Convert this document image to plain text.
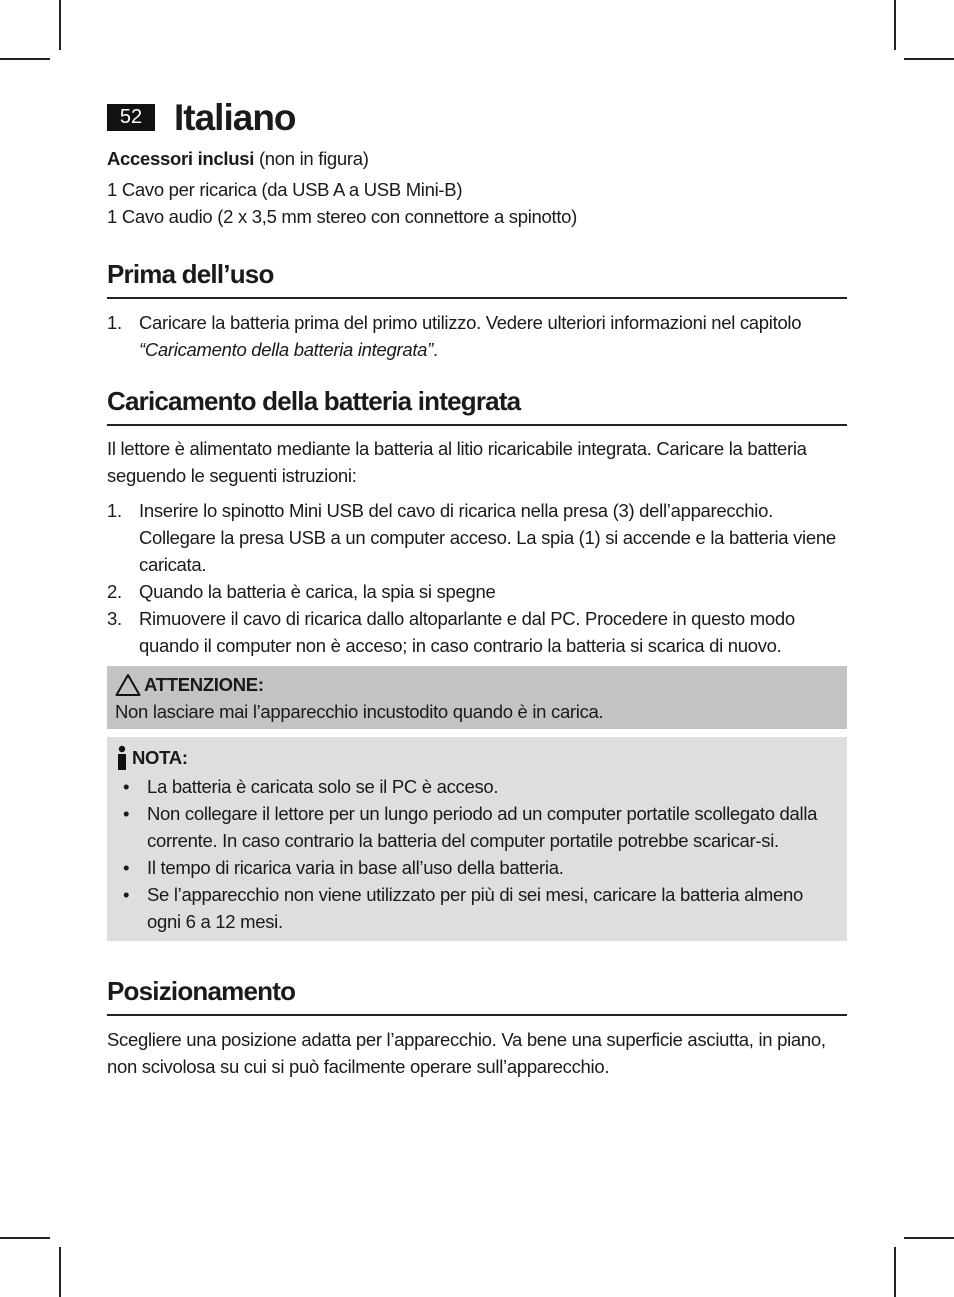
52 Italiano

Accessori inclusi (non in figura)

1 Cavo per ricarica (da USB A a USB Mini-B)

1 Cavo audio (2 x 3,5 mm stereo con connettore a spinotto)

Prima dell’uso
1. Caricare la batteria prima del primo utilizzo. Vedere ulteriori informazioni nel capitolo “Caricamento della batteria integrata”.
Caricamento della batteria integrata

Il lettore è alimentato mediante la batteria al litio ricaricabile integrata. Caricare la batteria seguendo le seguenti istruzioni:

1. Inserire lo spinotto Mini USB del cavo di ricarica nella presa (3) dell’apparecchio. Collegare la presa USB a un computer acceso. La spia (1) si accende e la batteria viene caricata.
2. Quando la batteria è carica, la spia si spegne
3. Rimuovere il cavo di ricarica dallo altoparlante e dal PC. Procedere in questo modo quando il computer non è acceso; in caso contrario la batteria si scarica di nuovo.
ATTENZIONE:

Non lasciare mai l’apparecchio incustodito quando è in carica.

NOTA:
• La batteria è caricata solo se il PC è acceso.
• Non collegare il lettore per un lungo periodo ad un computer portatile scollegato dalla corrente. In caso contrario la batteria del computer portatile potrebbe scaricar-si.
• Il tempo di ricarica varia in base all’uso della batteria.
• Se l’apparecchio non viene utilizzato per più di sei mesi, caricare la batteria almeno ogni 6 a 12 mesi.
Posizionamento

Scegliere una posizione adatta per l’apparecchio. Va bene una superficie asciutta, in piano, non scivolosa su cui si può facilmente operare sull’apparecchio.
